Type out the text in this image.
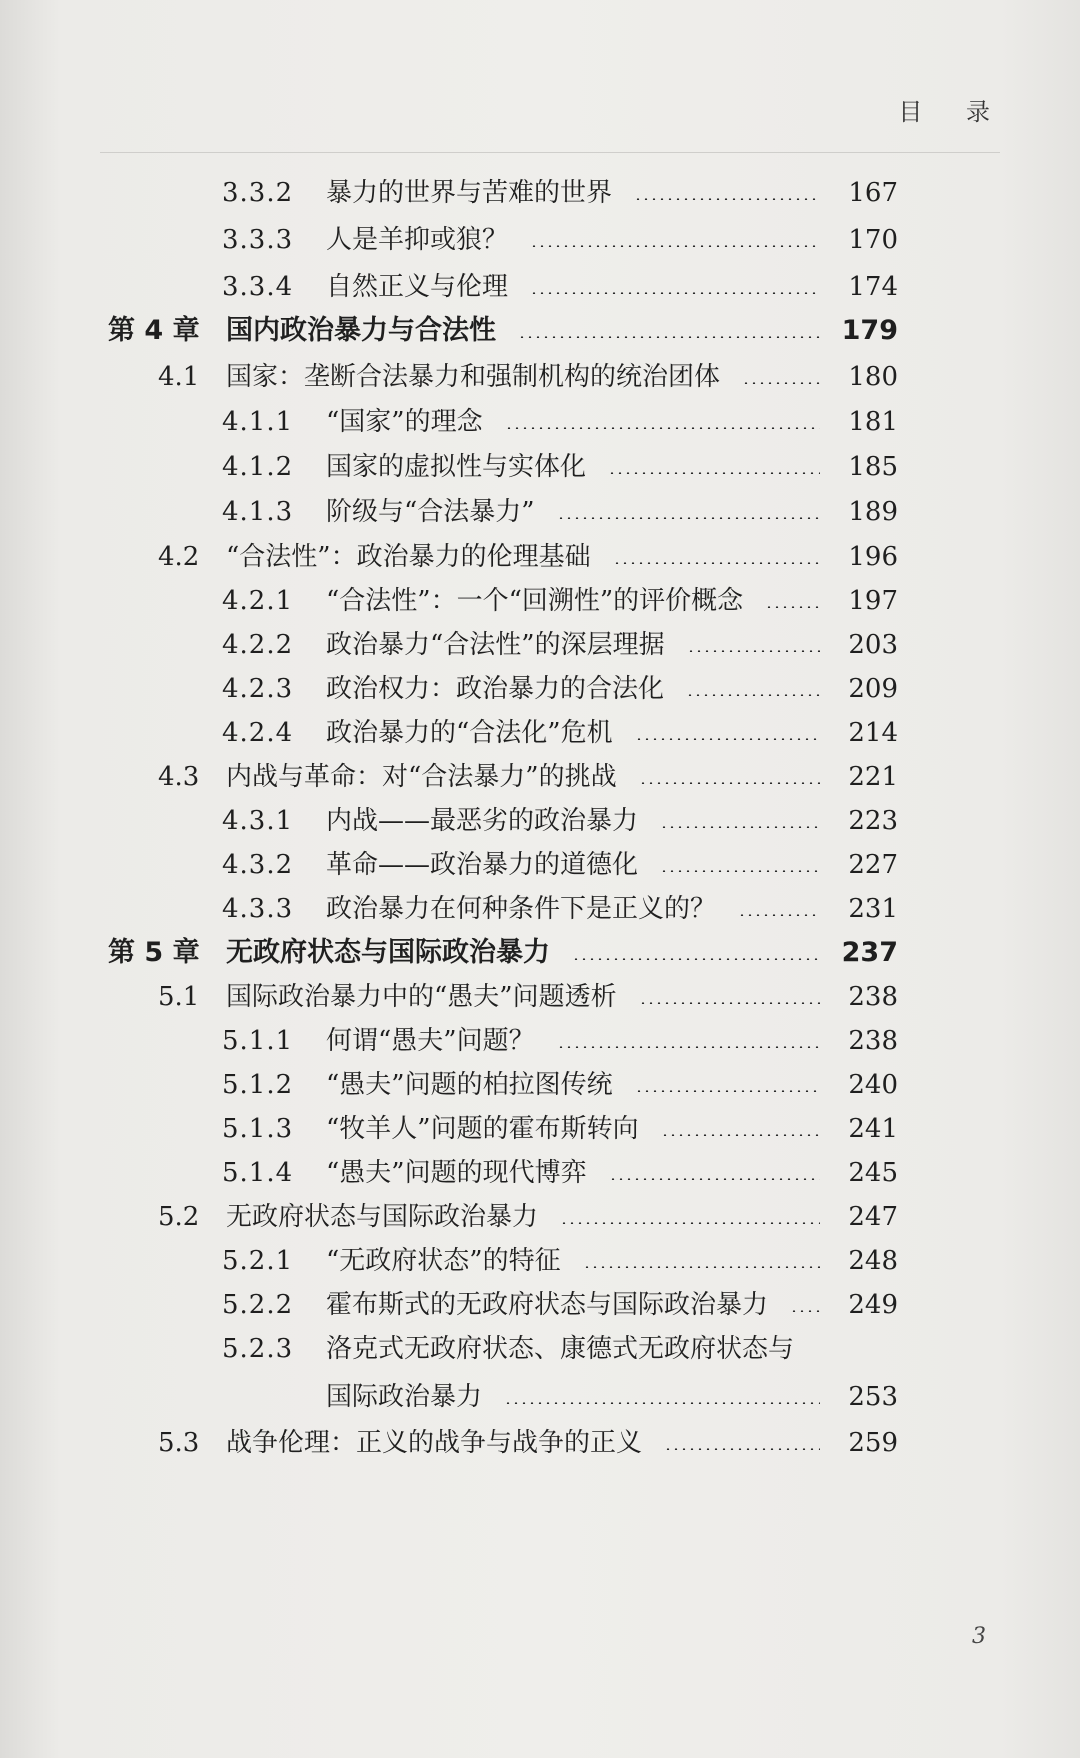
目 录
3.3.2	暴力的世界与苦难的世界	167
3.3.3	人是羊抑或狼？	170
3.3.4	自然正义与伦理	174
第 4 章 国内政治暴力与合法性	179
4.1	国家：垄断合法暴力和强制机构的统治团体	180
4.1.1	“国家”的理念	181
4.1.2	国家的虚拟性与实体化	185
4.1.3	阶级与“合法暴力”	189
4.2	“合法性”：政治暴力的伦理基础	196
4.2.1	“合法性”：一个“回溯性”的评价概念	197
4.2.2	政治暴力“合法性”的深层理据	203
4.2.3	政治权力：政治暴力的合法化	209
4.2.4	政治暴力的“合法化”危机	214
4.3	内战与革命：对“合法暴力”的挑战	221
4.3.1	内战——最恶劣的政治暴力	223
4.3.2	革命——政治暴力的道德化	227
4.3.3	政治暴力在何种条件下是正义的？	231
第 5 章 无政府状态与国际政治暴力	237
5.1	国际政治暴力中的“愚夫”问题透析	238
5.1.1	何谓“愚夫”问题？	238
5.1.2	“愚夫”问题的柏拉图传统	240
5.1.3	“牧羊人”问题的霍布斯转向	241
5.1.4	“愚夫”问题的现代博弈	245
5.2	无政府状态与国际政治暴力	247
5.2.1	“无政府状态”的特征	248
5.2.2	霍布斯式的无政府状态与国际政治暴力	249
5.2.3	洛克式无政府状态、康德式无政府状态与
国际政治暴力	253
5.3	战争伦理：正义的战争与战争的正义	259
3
